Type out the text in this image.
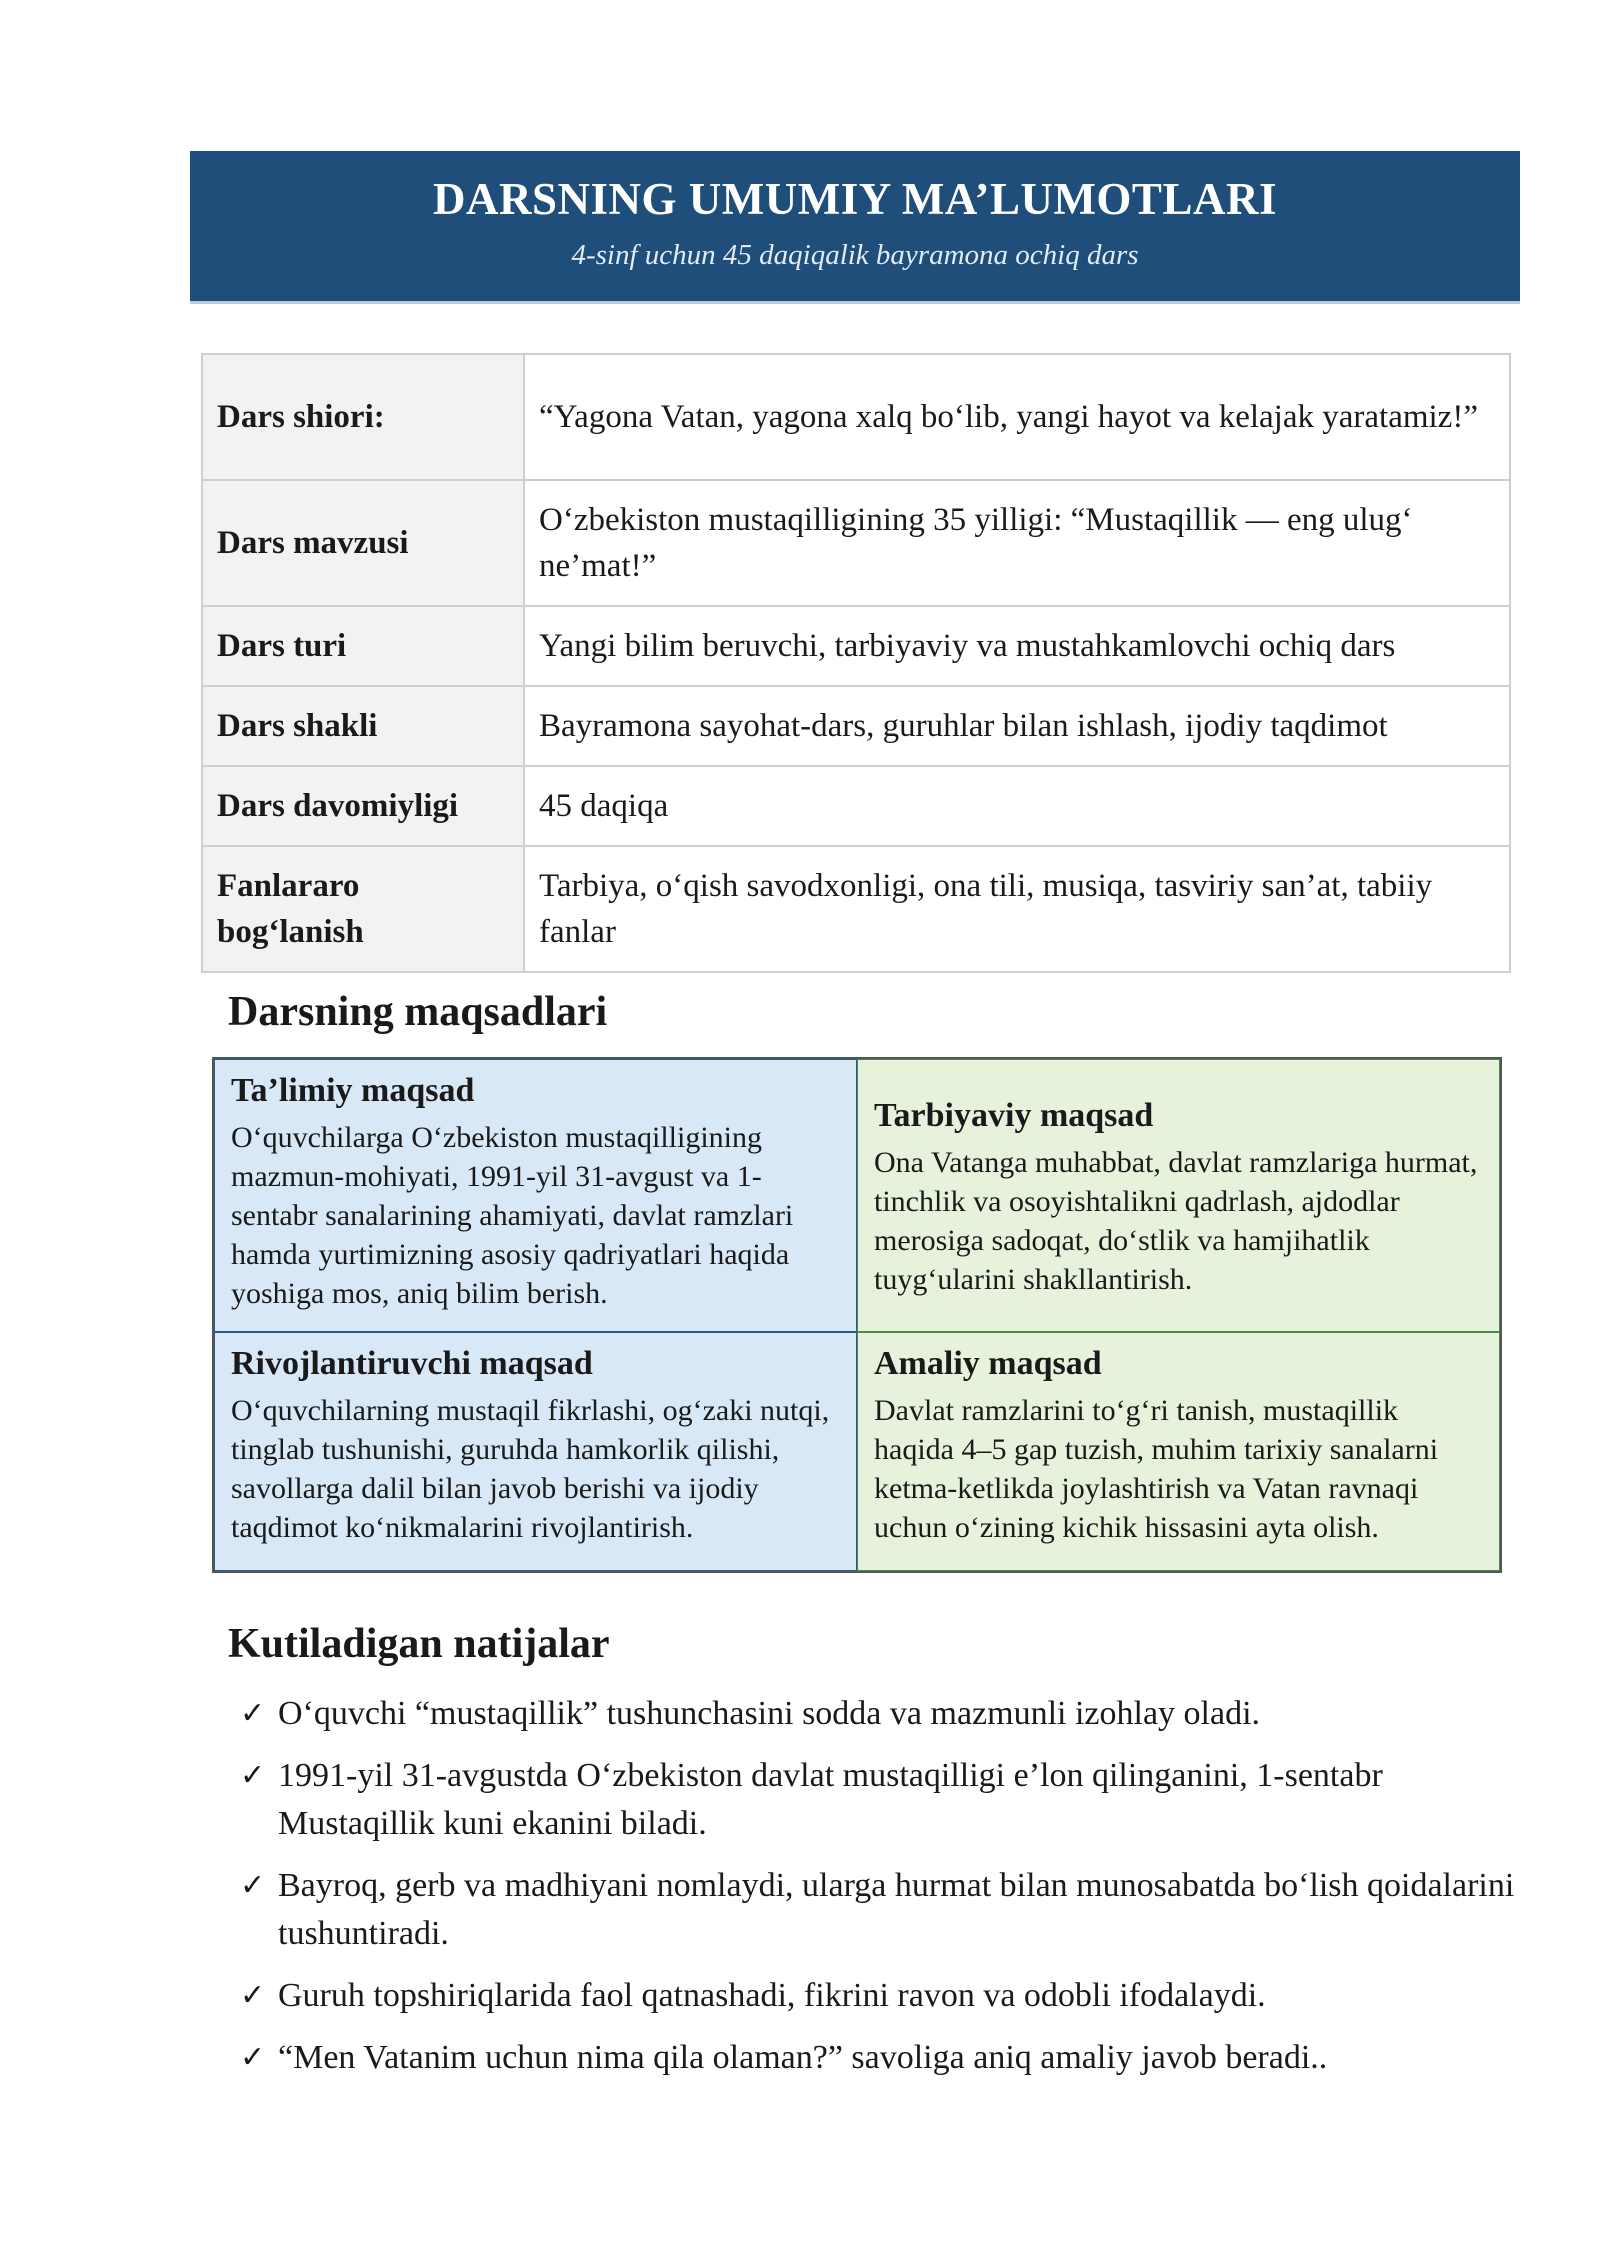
DARSNING UMUMIY MA’LUMOTLARI
4-sinf uchun 45 daqiqalik bayramona ochiq dars
Dars shiori:	“Yagona Vatan, yagona xalq bo‘lib, yangi hayot va kelajak yaratamiz!”
Dars mavzusi	O‘zbekiston mustaqilligining 35 yilligi: “Mustaqillik — eng ulug‘ ne’mat!”
Dars turi	Yangi bilim beruvchi, tarbiyaviy va mustahkamlovchi ochiq dars
Dars shakli	Bayramona sayohat-dars, guruhlar bilan ishlash, ijodiy taqdimot
Dars davomiyligi	45 daqiqa
Fanlararo bog‘lanish	Tarbiya, o‘qish savodxonligi, ona tili, musiqa, tasviriy san’at, tabiiy fanlar
Darsning maqsadlari
Ta’limiy maqsad
O‘quvchilarga O‘zbekiston mustaqilligining mazmun-mohiyati, 1991-yil 31-avgust va 1-sentabr sanalarining ahamiyati, davlat ramzlari hamda yurtimizning asosiy qadriyatlari haqida yoshiga mos, aniq bilim berish.
Tarbiyaviy maqsad
Ona Vatanga muhabbat, davlat ramzlariga hurmat, tinchlik va osoyishtalikni qadrlash, ajdodlar merosiga sadoqat, do‘stlik va hamjihatlik tuyg‘ularini shakllantirish.
Rivojlantiruvchi maqsad
O‘quvchilarning mustaqil fikrlashi, og‘zaki nutqi, tinglab tushunishi, guruhda hamkorlik qilishi, savollarga dalil bilan javob berishi va ijodiy taqdimot ko‘nikmalarini rivojlantirish.
Amaliy maqsad
Davlat ramzlarini to‘g‘ri tanish, mustaqillik haqida 4–5 gap tuzish, muhim tarixiy sanalarni ketma-ketlikda joylashtirish va Vatan ravnaqi uchun o‘zining kichik hissasini ayta olish.
Kutiladigan natijalar
✓ O‘quvchi “mustaqillik” tushunchasini sodda va mazmunli izohlay oladi.
✓ 1991-yil 31-avgustda O‘zbekiston davlat mustaqilligi e’lon qilinganini, 1-sentabr Mustaqillik kuni ekanini biladi.
✓ Bayroq, gerb va madhiyani nomlaydi, ularga hurmat bilan munosabatda bo‘lish qoidalarini tushuntiradi.
✓ Guruh topshiriqlarida faol qatnashadi, fikrini ravon va odobli ifodalaydi.
✓ “Men Vatanim uchun nima qila olaman?” savoliga aniq amaliy javob beradi..
